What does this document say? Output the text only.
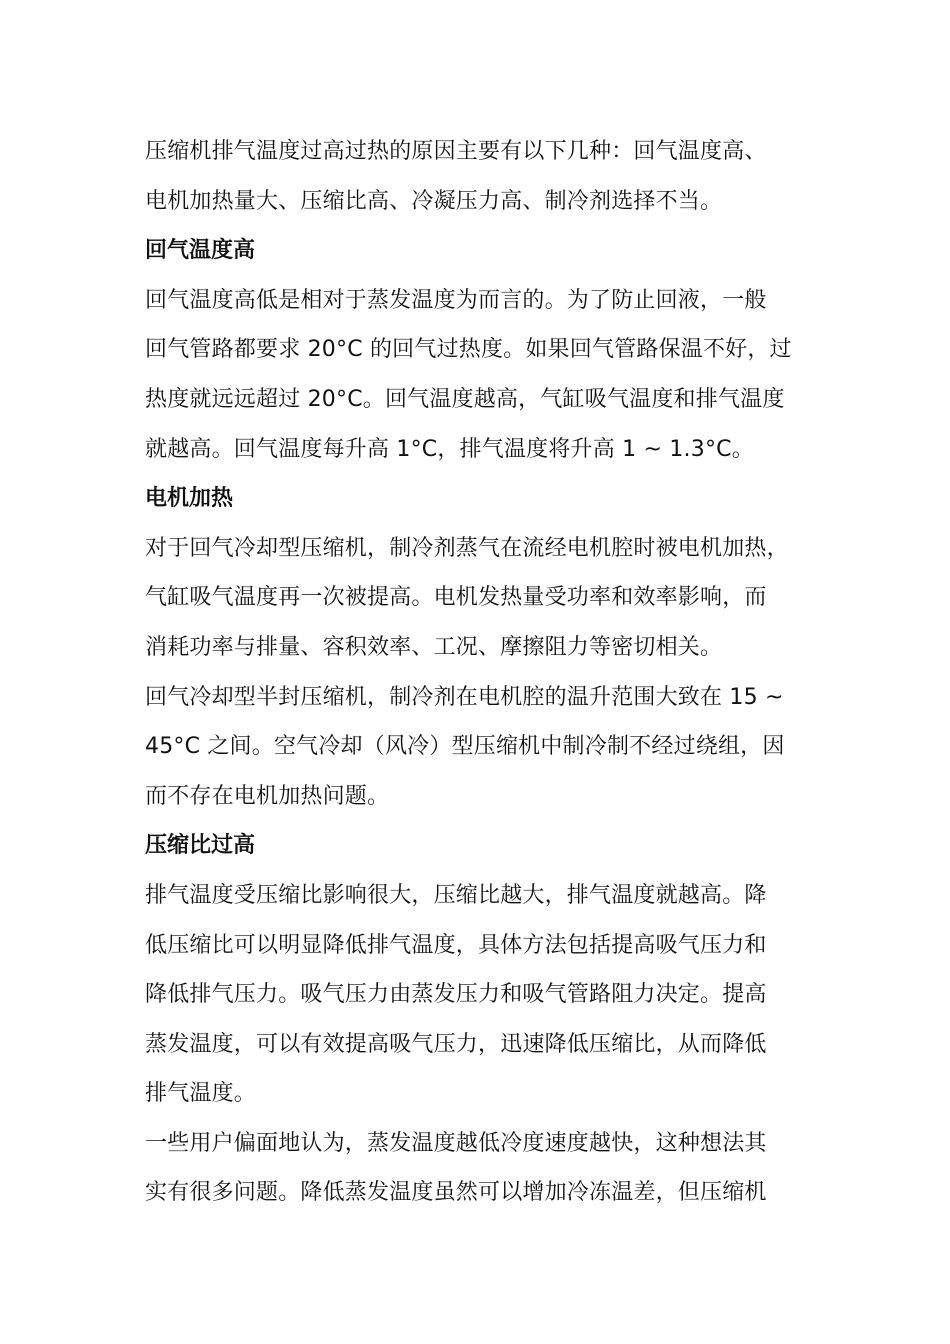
压缩机排气温度过高过热的原因主要有以下几种：回气温度高、
电机加热量大、压缩比高、冷凝压力高、制冷剂选择不当。

回气温度高

回气温度高低是相对于蒸发温度为而言的。为了防止回液，一般
回气管路都要求 20°C 的回气过热度。如果回气管路保温不好，过
热度就远远超过 20°C。回气温度越高，气缸吸气温度和排气温度
就越高。回气温度每升高 1°C，排气温度将升高 1 ~ 1.3°C。

电机加热

对于回气冷却型压缩机，制冷剂蒸气在流经电机腔时被电机加热，
气缸吸气温度再一次被提高。电机发热量受功率和效率影响，而
消耗功率与排量、容积效率、工况、摩擦阻力等密切相关。

回气冷却型半封压缩机，制冷剂在电机腔的温升范围大致在 15 ~
45°C 之间。空气冷却（风冷）型压缩机中制冷制不经过绕组，因
而不存在电机加热问题。

压缩比过高

排气温度受压缩比影响很大，压缩比越大，排气温度就越高。降
低压缩比可以明显降低排气温度，具体方法包括提高吸气压力和
降低排气压力。吸气压力由蒸发压力和吸气管路阻力决定。提高
蒸发温度，可以有效提高吸气压力，迅速降低压缩比，从而降低
排气温度。

一些用户偏面地认为，蒸发温度越低冷度速度越快，这种想法其
实有很多问题。降低蒸发温度虽然可以增加冷冻温差，但压缩机
